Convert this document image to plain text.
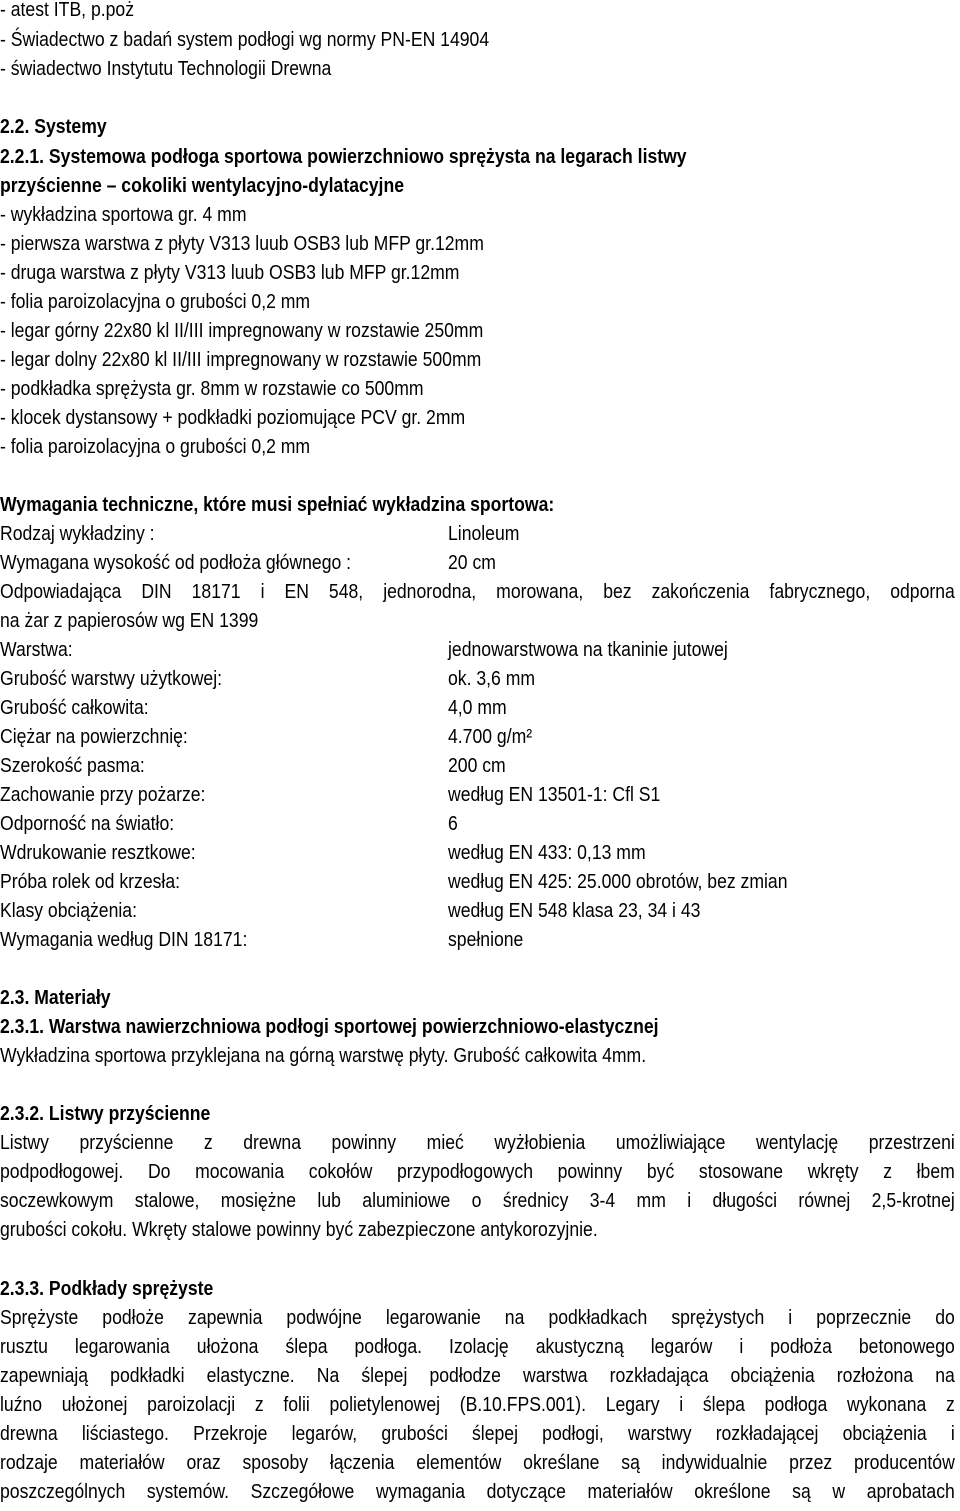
- atest ITB, p.poż

- Świadectwo z badań system podłogi wg normy PN-EN 14904

- świadectwo Instytutu Technologii Drewna

2.2. Systemy

2.2.1. Systemowa podłoga sportowa powierzchniowo sprężysta na legarach listwy

przyścienne – cokoliki wentylacyjno-dylatacyjne

- wykładzina sportowa gr. 4 mm

- pierwsza warstwa z płyty V313 luub OSB3 lub MFP gr.12mm

- druga warstwa z płyty V313 luub OSB3 lub MFP gr.12mm

- folia paroizolacyjna o grubości 0,2 mm

- legar górny 22x80 kl II/III impregnowany w rozstawie 250mm

- legar dolny 22x80 kl II/III impregnowany w rozstawie 500mm

- podkładka sprężysta gr. 8mm w rozstawie co 500mm

- klocek dystansowy + podkładki poziomujące PCV gr. 2mm

- folia paroizolacyjna o grubości 0,2 mm

Wymagania techniczne, które musi spełniać wykładzina sportowa:

Rodzaj wykładziny :	Linoleum

Wymagana wysokość od podłoża głównego :	20 cm

Odpowiadająca DIN 18171 i EN 548, jednorodna, morowana, bez zakończenia fabrycznego, odporna

na żar z papierosów wg EN 1399

Warstwa:	jednowarstwowa na tkaninie jutowej

Grubość warstwy użytkowej:	ok. 3,6 mm

Grubość całkowita:	4,0 mm

Ciężar na powierzchnię:	4.700 g/m²

Szerokość pasma:	200 cm

Zachowanie przy pożarze:	według EN 13501-1: Cfl S1

Odporność na światło:	6

Wdrukowanie resztkowe:	według EN 433: 0,13 mm

Próba rolek od krzesła:	według EN 425: 25.000 obrotów, bez zmian

Klasy obciążenia:	według EN 548 klasa 23, 34 i 43

Wymagania według DIN 18171:	spełnione

2.3. Materiały

2.3.1. Warstwa nawierzchniowa podłogi sportowej powierzchniowo-elastycznej

Wykładzina sportowa przyklejana na górną warstwę płyty. Grubość całkowita 4mm.

2.3.2. Listwy przyścienne

Listwy przyścienne z drewna powinny mieć wyżłobienia umożliwiające wentylację przestrzeni

podpodłogowej. Do mocowania cokołów przypodłogowych powinny być stosowane wkręty z łbem

soczewkowym stalowe, mosiężne lub aluminiowe o średnicy 3-4 mm i długości równej 2,5-krotnej

grubości cokołu. Wkręty stalowe powinny być zabezpieczone antykorozyjnie.

2.3.3. Podkłady sprężyste

Sprężyste podłoże zapewnia podwójne legarowanie na podkładkach sprężystych i poprzecznie do

rusztu legarowania ułożona ślepa podłoga. Izolację akustyczną legarów i podłoża betonowego

zapewniają podkładki elastyczne. Na ślepej podłodze warstwa rozkładająca obciążenia rozłożona na

luźno ułożonej paroizolacji z folii polietylenowej (B.10.FPS.001). Legary i ślepa podłoga wykonana z

drewna liściastego. Przekroje legarów, grubości ślepej podłogi, warstwy rozkładającej obciążenia i

rodzaje materiałów oraz sposoby łączenia elementów określane są indywidualnie przez producentów

poszczególnych systemów. Szczegółowe wymagania dotyczące materiałów określone są w aprobatach
